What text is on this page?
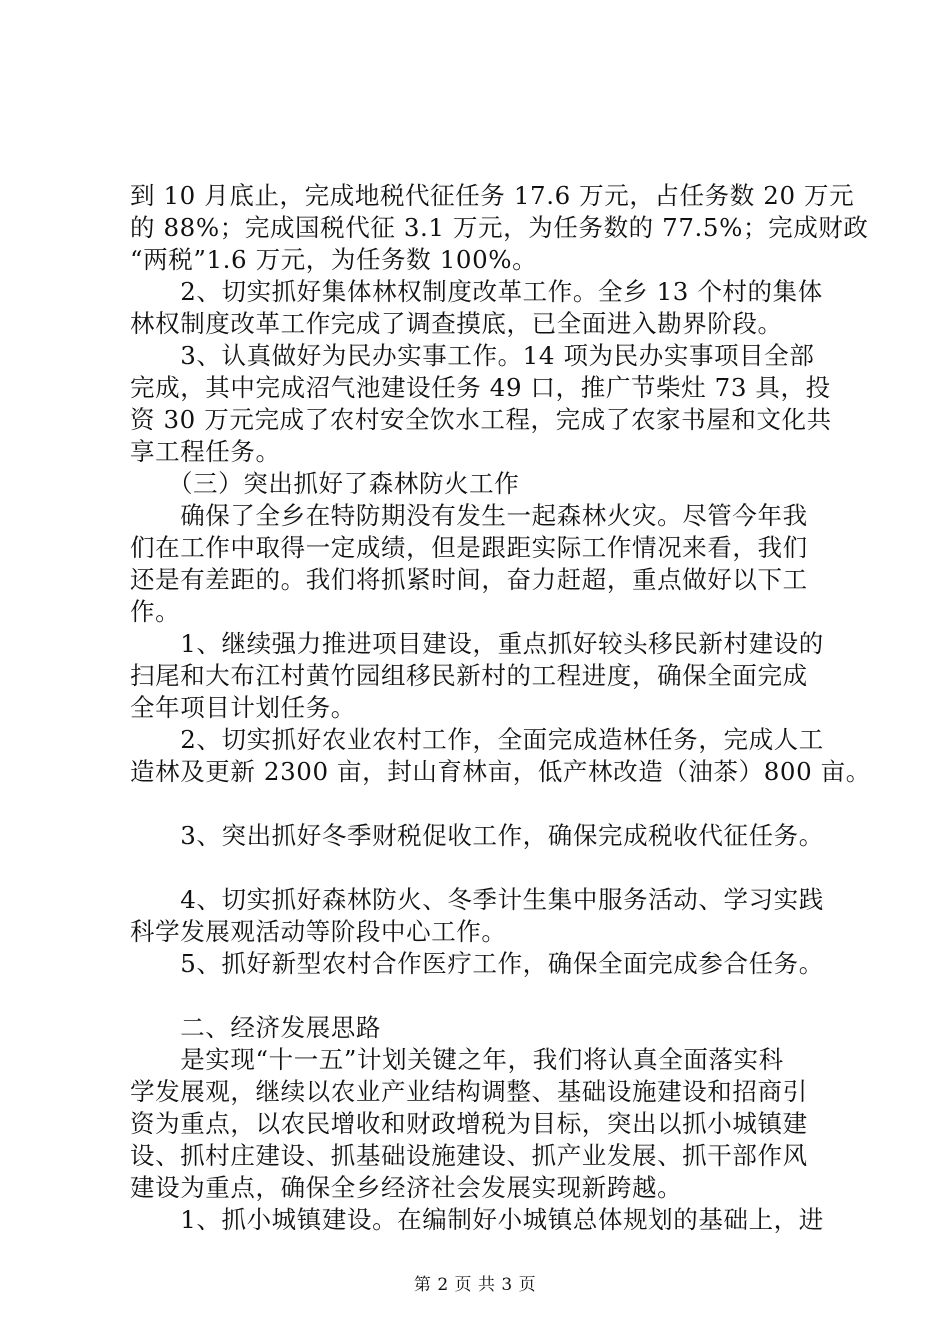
到 10 月底止，完成地税代征任务 17.6 万元，占任务数 20 万元
的 88%；完成国税代征 3.1 万元，为任务数的 77.5%；完成财政
“两税”1.6 万元，为任务数 100%。
　　2、切实抓好集体林权制度改革工作。全乡 13 个村的集体
林权制度改革工作完成了调查摸底，已全面进入勘界阶段。
　　3、认真做好为民办实事工作。14 项为民办实事项目全部
完成，其中完成沼气池建设任务 49 口，推广节柴灶 73 具，投
资 30 万元完成了农村安全饮水工程，完成了农家书屋和文化共
享工程任务。
　　（三）突出抓好了森林防火工作
　　确保了全乡在特防期没有发生一起森林火灾。尽管今年我
们在工作中取得一定成绩，但是跟距实际工作情况来看，我们
还是有差距的。我们将抓紧时间，奋力赶超，重点做好以下工
作。
　　1、继续强力推进项目建设，重点抓好较头移民新村建设的
扫尾和大布江村黄竹园组移民新村的工程进度，确保全面完成
全年项目计划任务。
　　2、切实抓好农业农村工作，全面完成造林任务，完成人工
造林及更新 2300 亩，封山育林亩，低产林改造（油茶）800 亩。
　　3、突出抓好冬季财税促收工作，确保完成税收代征任务。
　　4、切实抓好森林防火、冬季计生集中服务活动、学习实践
科学发展观活动等阶段中心工作。
　　5、抓好新型农村合作医疗工作，确保全面完成参合任务。
　　二、经济发展思路
　　是实现“十一五”计划关键之年，我们将认真全面落实科
学发展观，继续以农业产业结构调整、基础设施建设和招商引
资为重点，以农民增收和财政增税为目标，突出以抓小城镇建
设、抓村庄建设、抓基础设施建设、抓产业发展、抓干部作风
建设为重点，确保全乡经济社会发展实现新跨越。
　　1、抓小城镇建设。在编制好小城镇总体规划的基础上，进
第 2 页 共 3 页
